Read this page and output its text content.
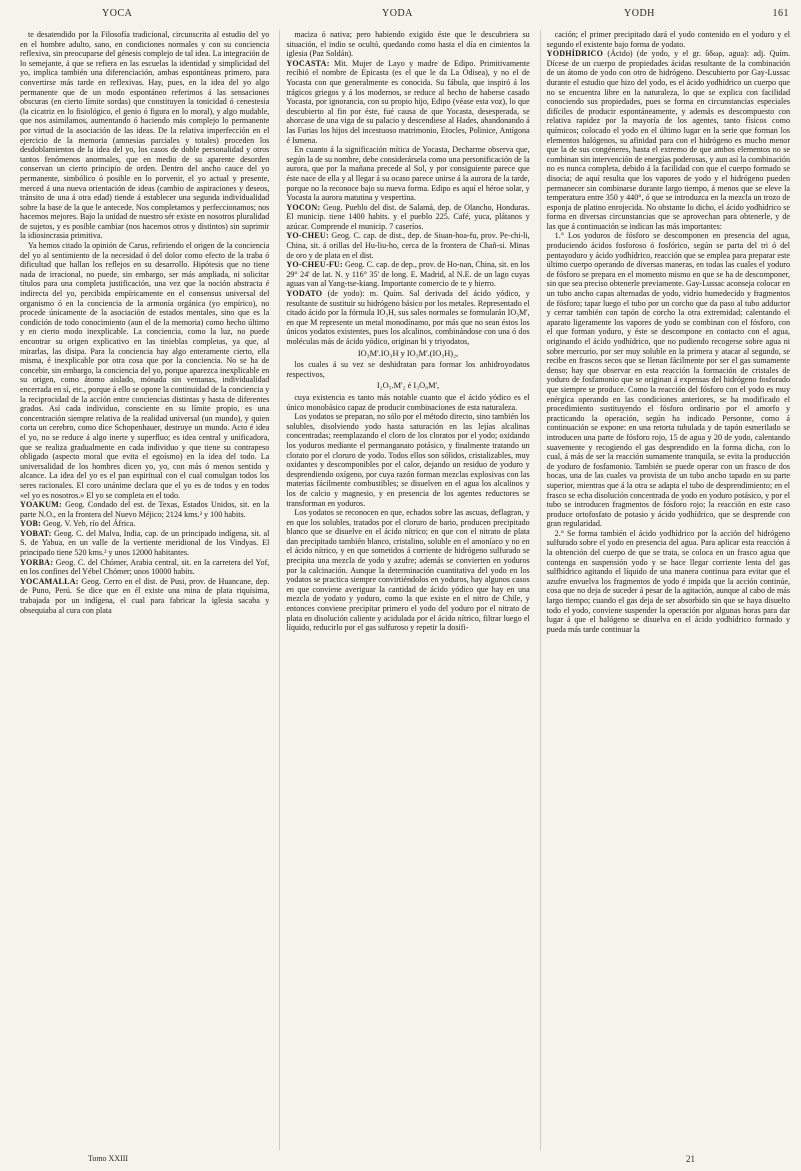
YOCA	YODA	YODH	161

te desatendido por la Filosofía tradicional, circunscrita al estudio del yo en el hombre adulto, sano, en condiciones normales y con su conciencia reflexiva, sin preocuparse del génesis complejo de tal idea. La integración de lo semejante, á que se refiera en las escuelas la identidad y simplicidad del yo, implica también una diferenciación, ambas espontáneas primero, para convertirse más tarde en reflexivas. Hay, pues, en la idea del yo algo permanente que de un modo espontáneo referimos á las sensaciones obscuras (en cierto límite sordas) que constituyen la tonicidad ó cenestesia (la cicatriz en lo fisiológico, el genio ó figura en lo moral), y algo mudable, que nos asimilamos, aumentando ó haciendo más complejo lo permanente por virtud de la asociación de las ideas. De la relativa imperfección en el ejercicio de la memoria (amnesias parciales y totales) proceden los desdoblamientos de la idea del yo, los casos de doble personalidad y otros tantos fenómenos anormales, que en medio de su aparente desorden conservan un cierto principio de orden. Dentro del ancho cauce del yo permanente, simbólico ó posible en lo porvenir, el yo actual y presente, merced á una nueva orientación de ideas (cambio de aspiraciones y deseos, tránsito de una á otra edad) tiende á establecer una segunda individualidad sobre la base de la que le antecede. Nos completamos y perfeccionamos; nos hacemos mejores. Bajo la unidad de nuestro sér existe en nosotros pluralidad de sujetos, y es posible cambiar (nos hacemos otros y distintos) sin suprimir la idiosincrasia primitiva.

Ya hemos citado la opinión de Carus, refiriendo el origen de la conciencia del yo al sentimiento de la necesidad ó del dolor como efecto de la traba ó dificultad que hallan los reflejos en su desarrollo. Hipótesis que no tiene nada de irracional, no puede, sin embargo, ser más ampliada, ni solicitar títulos para una completa justificación, una vez que la noción abstracta é indirecta del yo, percibida empíricamente en el consensus universal del organismo ó en la conciencia de la armonía orgánica (yo empírico), no procede únicamente de la asociación de estados mentales, sino que es la condición de todo conocimiento (aun el de la memoria) como hecho último y en cierto modo inexplicable. La conciencia, como la luz, no puede encontrar su origen explicativo en las tinieblas completas, ya que, al mirarlas, las disipa. Para la conciencia hay algo enteramente cierto, ella misma, é inexplicable por otra cosa que por la conciencia. No se ha de concebir, sin embargo, la conciencia del yo, porque aparezca inexplicable en su origen, como átomo aislado, mónada sin ventanas, individualidad encerrada en sí, etc., porque á ello se opone la continuidad de la conciencia y la reciprocidad de la acción entre conciencias distintas y hasta de diferentes grados. Así cada individuo, consciente en su límite propio, es una concentración siempre relativa de la realidad universal (un mundo), y quien corta un cerebro, como dice Schopenhauer, destruye un mundo. Acto é idea el yo, no se reduce á algo inerte y superfluo; es idea central y unificadora, que se realiza gradualmente en cada individuo y que tiene su contrapeso obligado (aspecto moral que evita el egoísmo) en la idea del todo. La universalidad de los hombres dicen yo, yo, con más ó menos sentido y alcance. La idea del yo es el pan espiritual con el cual comulgan todos los seres racionales. El coro unánime declara que el yo es de todos y en todos «el yo es nosotros.» El yo se completa en el todo.

YOAKUM: Geog. Condado del est. de Texas, Estados Unidos, sit. en la parte N.O., en la frontera del Nuevo Méjico; 2124 kms.² y 100 habits.

YOB: Geog. V. Yeb, río del África.

YOBAT: Geog. C. del Malva, India, cap. de un principado indígena, sit. al S. de Yabua, en un valle de la vertiente meridional de los Vindyas. El principado tiene 520 kms.² y unos 12000 habitantes.

YORBA: Geog. C. del Chómer, Arabia central, sit. en la carretera del Yof, en los confines del Yébel Chómer; unos 10000 habits.

YOCAMALLA: Geog. Cerro en el dist. de Pusi, prov. de Huancane, dep. de Puno, Perú. Se dice que en él existe una mina de plata riquísima, trabajada por un indígena, el cual para fabricar la iglesia sacaba y obsequiaba al cura con plata

maciza ó nativa; pero habiendo exigido éste que le descubriera su situación, el indio se ocultó, quedando como hasta el día en cimientos la iglesia (Paz Soldán).

YOCASTA: Mit. Mujer de Layo y madre de Edipo. Primitivamente recibió el nombre de Epicasta (es el que le da La Odisea), y no el de Yocasta con que generalmente es conocida. Su fábula, que inspiró á los trágicos griegos y á los modernos, se reduce al hecho de haberse casado Yocasta, por ignorancia, con su propio hijo, Edipo (véase esta voz), lo que descubierto al fin por éste, fué causa de que Yocasta, desesperada, se ahorcase de una viga de su palacio y descendiese al Hades, abandonando á las Furias los hijos del incestuoso matrimonio, Etocles, Polinice, Antígona é Ismena.

En cuanto á la significación mítica de Yocasta, Decharme observa que, según la de su nombre, debe considerársela como una personificación de la aurora, que por la mañana precede al Sol, y por consiguiente parece que éste nace de ella y al llegar á su ocaso parece unirse á la aurora de la tarde, porque no la reconoce bajo su nueva forma. Edipo es aquí el héroe solar, y Yocasta la aurora matutina y vespertina.

YOCON: Geog. Pueblo del dist. de Salamá, dep. de Olancho, Honduras. El municip. tiene 1400 habits. y el pueblo 225. Café, yuca, plátanos y azúcar. Comprende el municip. 7 caseríos.

YO-CHEU: Geog. C. cap. de dist., dep. de Siuan-hoa-fu, prov. Pe-chi-li, China, sit. á orillas del Hu-liu-ho, cerca de la frontera de Chañ-si. Minas de oro y de plata en el dist.

YO-CHEU-FU: Geog. C. cap. de dep., prov. de Ho-nan, China, sit. en los 29° 24' de lat. N. y 116° 35' de long. E. Madrid, al N.E. de un lago cuyas aguas van al Yang-tse-kiang. Importante comercio de te y hierro.

YODATO (de yodo): m. Quím. Sal derivada del ácido yódico, y resultante de sustituir su hidrógeno básico por los metales. Representado el citado ácido por la fórmula IO₃H, sus sales normales se formularán IO₃M', en que M represente un metal monodínamo, por más que no sean éstos los únicos yodatos existentes, pues los alcalinos, combinándose con una ó dos moléculas más de ácido yódico, originan bi y triyodatos,

IO₃M'.IO₃H y IO₃M'.(IO₃H)₂,

los cuales á su vez se deshidratan para formar los anhidroyodatos respectivos,

I₂O₅.M'₂ é I₃O₈M',

cuya existencia es tanto más notable cuanto que el ácido yódico es el único monobásico capaz de producir combinaciones de esta naturaleza.

Los yodatos se preparan, no sólo por el método directo, sino también los solubles, disolviendo yodo hasta saturación en las lejías alcalinas concentradas; reemplazando el cloro de los cloratos por el yodo; oxidando los yoduros mediante el permanganato potásico, y finalmente tratando un clorato por el cloruro de yodo. Todos ellos son sólidos, cristalizables, muy oxidantes y descomponibles por el calor, dejando un residuo de yoduro y desprendiendo oxígeno, por cuya razón forman mezclas explosivas con las materias fácilmente combustibles; se disuelven en el agua los alcalinos y los de calcio y magnesio, y en presencia de los agentes reductores se transforman en yoduros.

Los yodatos se reconocen en que, echados sobre las ascuas, deflagran, y en que los solubles, tratados por el cloruro de bario, producen precipitado blanco que se disuelve en el ácido nítrico; en que con el nitrato de plata dan precipitado también blanco, cristalino, soluble en el amoníaco y no en el ácido nítrico, y en que sometidos á corriente de hidrógeno sulfurado se precipita una mezcla de yodo y azufre; además se convierten en yoduros por la calcinación. Aunque la determinación cuantitativa del yodo en los yodatos se practica siempre convirtiéndolos en yoduros, hay algunos casos en que conviene averiguar la cantidad de ácido yódico que hay en una mezcla de yodato y yoduro, como la que existe en el nitro de Chile, y entonces conviene precipitar primero el yodo del yoduro por el nitrato de plata en disolución caliente y acidulada por el ácido nítrico, filtrar luego el líquido, reducirlo por el gas sulfuroso y repetir la dosifi-

cación; el primer precipitado dará el yodo contenido en el yoduro y el segundo el existente bajo forma de yodato.

YODHÍDRICO (Ácido) (de yodo, y el gr. ὕδωρ, agua): adj. Quím. Dícese de un cuerpo de propiedades ácidas resultante de la combinación de un átomo de yodo con otro de hidrógeno. Descubierto por Gay-Lussac durante el estudio que hizo del yodo, es el ácido yodhídrico un cuerpo que no se encuentra libre en la naturaleza, lo que se explica con facilidad conociendo sus propiedades, pues se forma en circunstancias especiales difíciles de producir espontáneamente, y además es descompuesto con relativa rapidez por la mayoría de los agentes, tanto físicos como químicos; colocado el yodo en el último lugar en la serie que forman los elementos halógenos, su afinidad para con el hidrógeno es mucho menor que la de sus congéneres, hasta el extremo de que ambos elementos no se combinan sin intervención de energías poderosas, y aun así la combinación no es nunca completa, debido á la facilidad con que el cuerpo formado se disocia; de aquí resulta que los vapores de yodo y el hidrógeno pueden permanecer sin combinarse durante largo tiempo, á menos que se eleve la temperatura entre 350 y 440°, ó que se introduzca en la mezcla un trozo de esponja de platino enrojecida. No obstante lo dicho, el ácido yodhídrico se forma en diversas circunstancias que se aprovechan para obtenerle, y de las que á continuación se indican las más importantes:

1.° Los yoduros de fósforo se descomponen en presencia del agua, produciendo ácidos fosforoso ó fosfórico, según se parta del tri ó del pentayoduro y ácido yodhídrico, reacción que se emplea para preparar este último cuerpo operando de diversas maneras, en todas las cuales el yoduro de fósforo se prepara en el momento mismo en que se ha de descomponer, sin que sea preciso obtenerle previamente. Gay-Lussac aconseja colocar en un tubo ancho capas alternadas de yodo, vidrio humedecido y fragmentos de fósforo; tapar luego el tubo por un corcho que da paso al tubo adductor y cerrar también con tapón de corcho la otra extremidad; calentando el aparato ligeramente los vapores de yodo se combinan con el fósforo, con el que forman yoduro, y éste se descompone en contacto con el agua, originando el ácido yodhídrico, que no pudiendo recogerse sobre agua ni sobre mercurio, por ser muy soluble en la primera y atacar al segundo, se recibe en frascos secos que se llenan fácilmente por ser el gas sumamente denso; hay que observar en esta reacción la formación de cristales de yoduro de fosfamonio que se originan á expensas del hidrógeno fosforado que siempre se produce. Como la reacción del fósforo con el yodo es muy enérgica operando en las condiciones anteriores, se ha modificado el procedimiento sustituyendo el fósforo ordinario por el amorfo y practicando la operación, según ha indicado Personne, como á continuación se expone: en una retorta tubulada y de tapón esmerilado se introducen una parte de fósforo rojo, 15 de agua y 20 de yodo, calentando suavemente y recogiendo el gas desprendido en la forma dicha, con lo cual, á más de ser la reacción sumamente tranquila, se evita la producción de yoduro de fosfamonio. También se puede operar con un frasco de dos bocas, una de las cuales va provista de un tubo ancho tapado en su parte superior, mientras que á la otra se adapta el tubo de desprendimiento; en el frasco se echa disolución concentrada de yodo en yoduro potásico, y por el tubo se introducen fragmentos de fósforo rojo; la reacción en este caso produce ortofosfato de potasio y ácido yodhídrico, que se desprende con gran regularidad.

2.° Se forma también el ácido yodhídrico por la acción del hidrógeno sulfurado sobre el yodo en presencia del agua. Para aplicar esta reacción á la obtención del cuerpo de que se trata, se coloca en un frasco agua que contenga en suspensión yodo y se hace llegar corriente lenta del gas sulfhídrico agitando el líquido de una manera continua para evitar que el azufre envuelva los fragmentos de yodo é impida que la acción continúe, cosa que no deja de suceder á pesar de la agitación, aunque al cabo de más largo tiempo; cuando el gas deja de ser absorbido sin que se haya disuelto todo el yodo, conviene suspender la operación por algunas horas para dar lugar á que el halógeno se disuelva en el ácido yodhídrico formado y pueda más tarde continuar la

Tomo XXIII	21
